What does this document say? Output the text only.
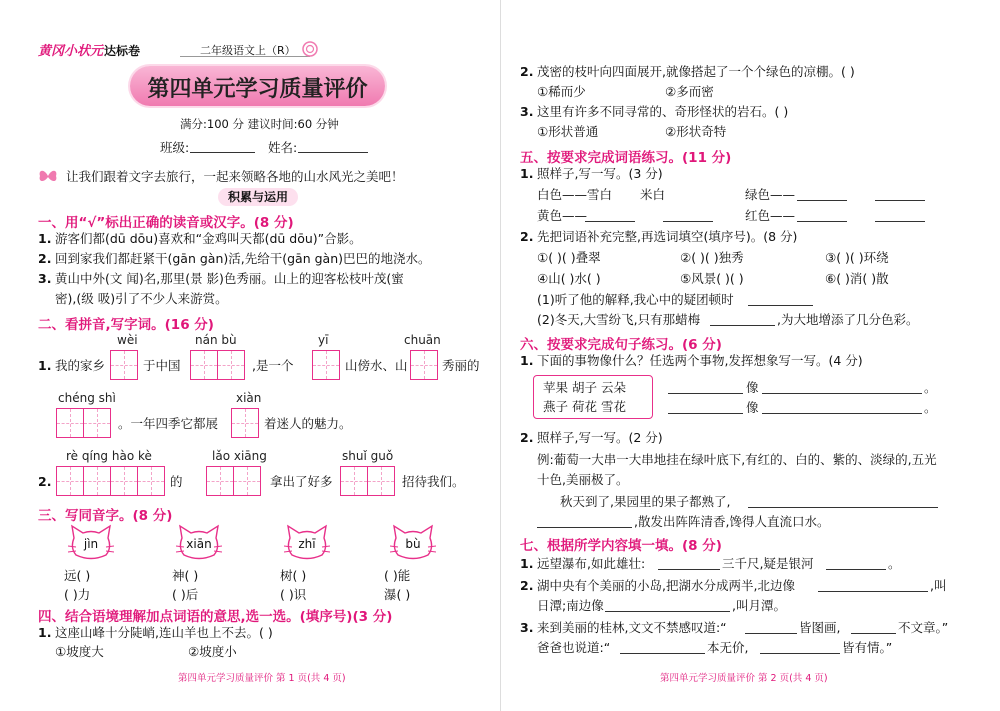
黄冈小状元 达标卷	二年级语文上（R）
第四单元学习质量评价
满分:100 分 建议时间:60 分钟
班级:	姓名:
让我们跟着文字去旅行，一起来领略各地的山水风光之美吧！
积累与运用
一、用“√”标出正确的读音或汉字。(8 分)
1. 游客们都(dū dōu)喜欢和“金鸡叫天都(dū dōu)”合影。
2. 回到家我们都赶紧干(gān gàn)活,先给干(gān gàn)巴巴的地浇水。
3. 黄山中外(文 闻)名,那里(景 影)色秀丽。山上的迎客松枝叶茂(蜜
密),(级 吸)引了不少人来游赏。
二、看拼音,写字词。(16 分)
wèi	nán bù	yī	chuān
1. 我的家乡	于中国	,是一个	山傍水、山	秀丽的
chéng shì	xiàn
。一年四季它都展	着迷人的魅力。
rè qíng hào kè	lǎo xiāng	shuǐ guǒ
2.	的	拿出了好多	招待我们。
三、写同音字。(8 分)
jìn	xiān	zhī	bù
远( )	神( )	树( )	( )能
( )力	( )后	( )识	瀑( )
四、结合语境理解加点词语的意思,选一选。(填序号)(3 分)
1. 这座山峰十分陡峭,连山羊也上不去。( )
①坡度大	②坡度小
第四单元学习质量评价 第 1 页(共 4 页)
2. 茂密的枝叶向四面展开,就像搭起了一个个绿色的凉棚。( )
①稀而少	②多而密
3. 这里有许多不同寻常的、奇形怪状的岩石。( )
①形状普通	②形状奇特
五、按要求完成词语练习。(11 分)
1. 照样子,写一写。(3 分)
白色——雪白 米白	绿色——
黄色——	红色——
2. 先把词语补充完整,再选词填空(填序号)。(8 分)
①( )( )叠翠	②( )( )独秀	③( )( )环绕
④山( )水( )	⑤风景( )( )	⑥( )消( )散
(1)听了他的解释,我心中的疑团顿时
(2)冬天,大雪纷飞,只有那蜡梅	,为大地增添了几分色彩。
六、按要求完成句子练习。(6 分)
1. 下面的事物像什么？任选两个事物,发挥想象写一写。(4 分)
苹果 胡子 云朵
燕子 荷花 雪花
像	。
像	。
2. 照样子,写一写。(2 分)
例:葡萄一大串一大串地挂在绿叶底下,有红的、白的、紫的、淡绿的,五光
十色,美丽极了。
秋天到了,果园里的果子都熟了,
,散发出阵阵清香,馋得人直流口水。
七、根据所学内容填一填。(8 分)
1. 远望瀑布,如此雄壮:	三千尺,疑是银河	。
2. 湖中央有个美丽的小岛,把湖水分成两半,北边像	,叫
日潭;南边像	,叫月潭。
3. 来到美丽的桂林,文文不禁感叹道:“	皆图画,	不文章。”
爸爸也说道:“	本无价,	皆有情。”
第四单元学习质量评价 第 2 页(共 4 页)
